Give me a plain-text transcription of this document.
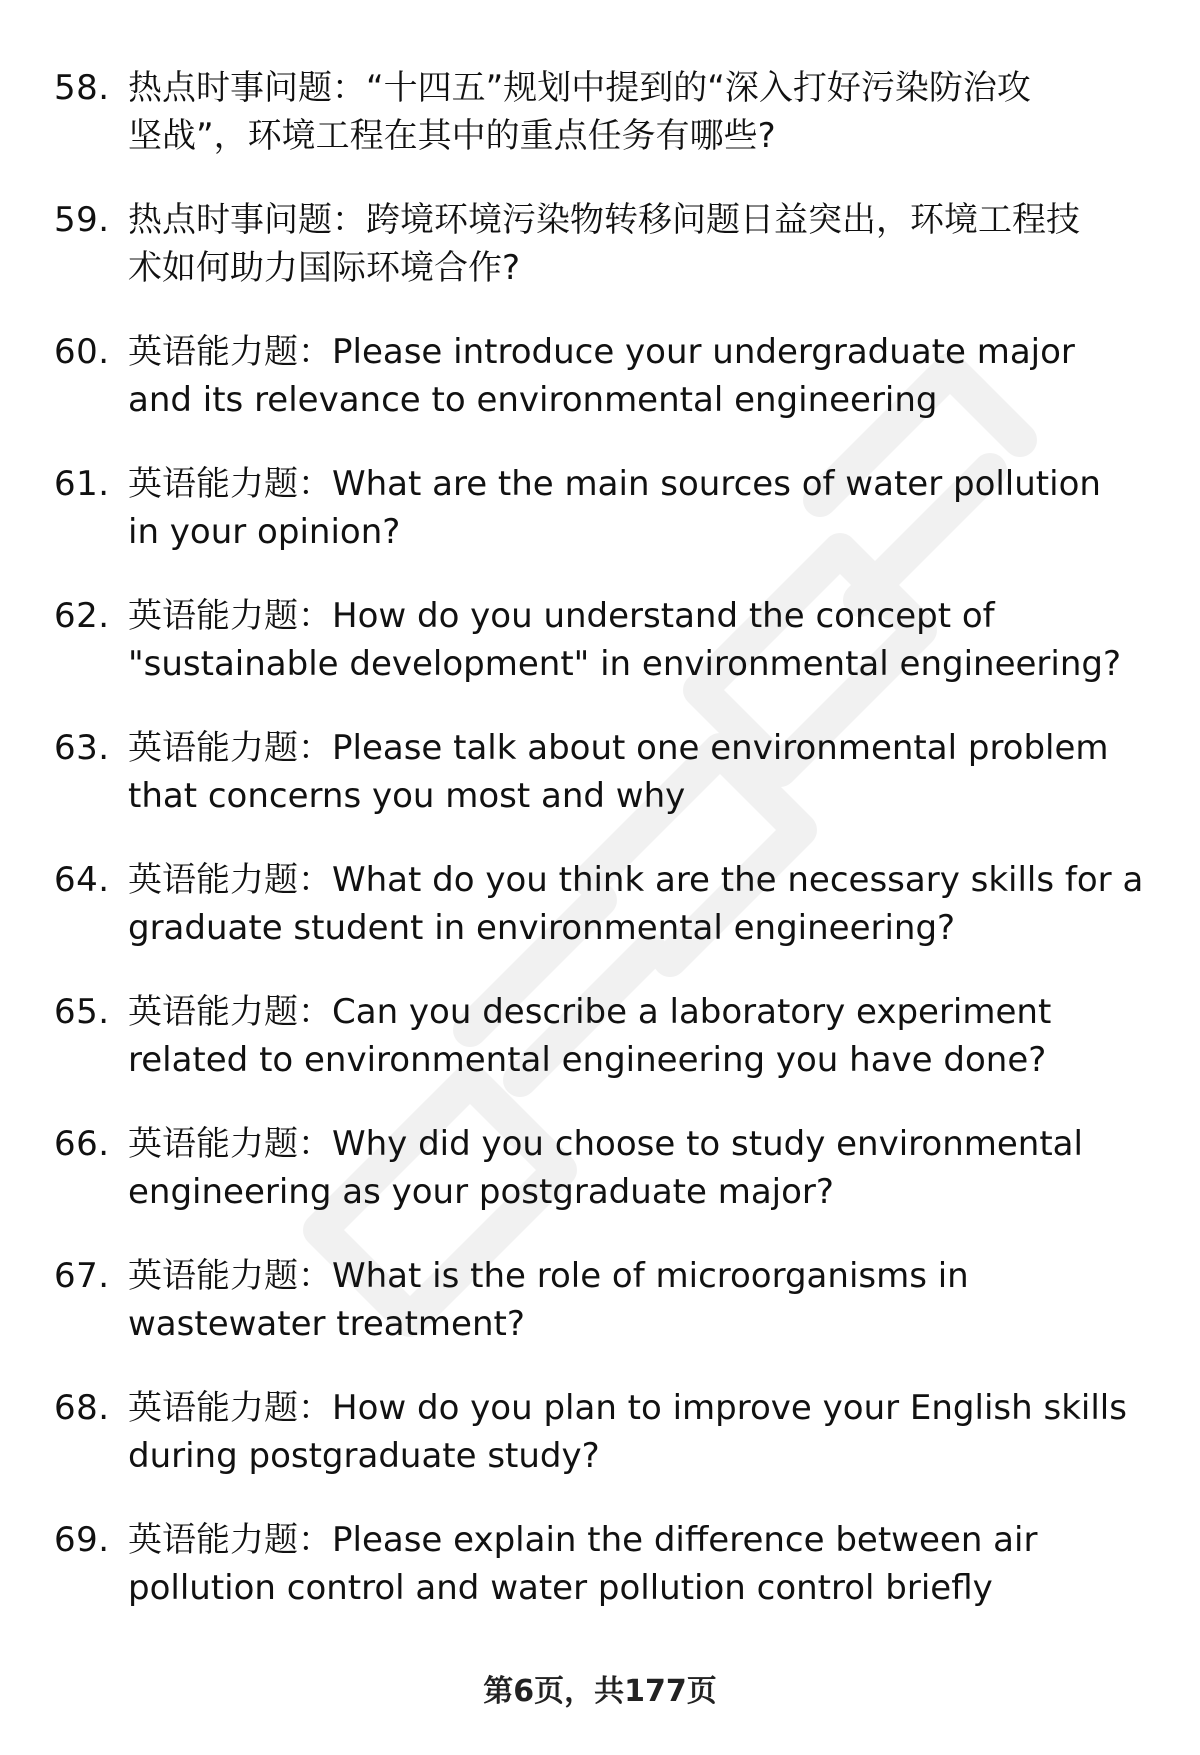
58. 热点时事问题：“十四五”规划中提到的“深入打好污染防治攻
坚战”，环境工程在其中的重点任务有哪些?
59. 热点时事问题：跨境环境污染物转移问题日益突出，环境工程技
术如何助力国际环境合作?
60. 英语能力题：Please introduce your undergraduate major
and its relevance to environmental engineering
61. 英语能力题：What are the main sources of water pollution
in your opinion?
62. 英语能力题：How do you understand the concept of
"sustainable development" in environmental engineering?
63. 英语能力题：Please talk about one environmental problem
that concerns you most and why
64. 英语能力题：What do you think are the necessary skills for a
graduate student in environmental engineering?
65. 英语能力题：Can you describe a laboratory experiment
related to environmental engineering you have done?
66. 英语能力题：Why did you choose to study environmental
engineering as your postgraduate major?
67. 英语能力题：What is the role of microorganisms in
wastewater treatment?
68. 英语能力题：How do you plan to improve your English skills
during postgraduate study?
69. 英语能力题：Please explain the difference between air
pollution control and water pollution control briefly
第6页，共177页
